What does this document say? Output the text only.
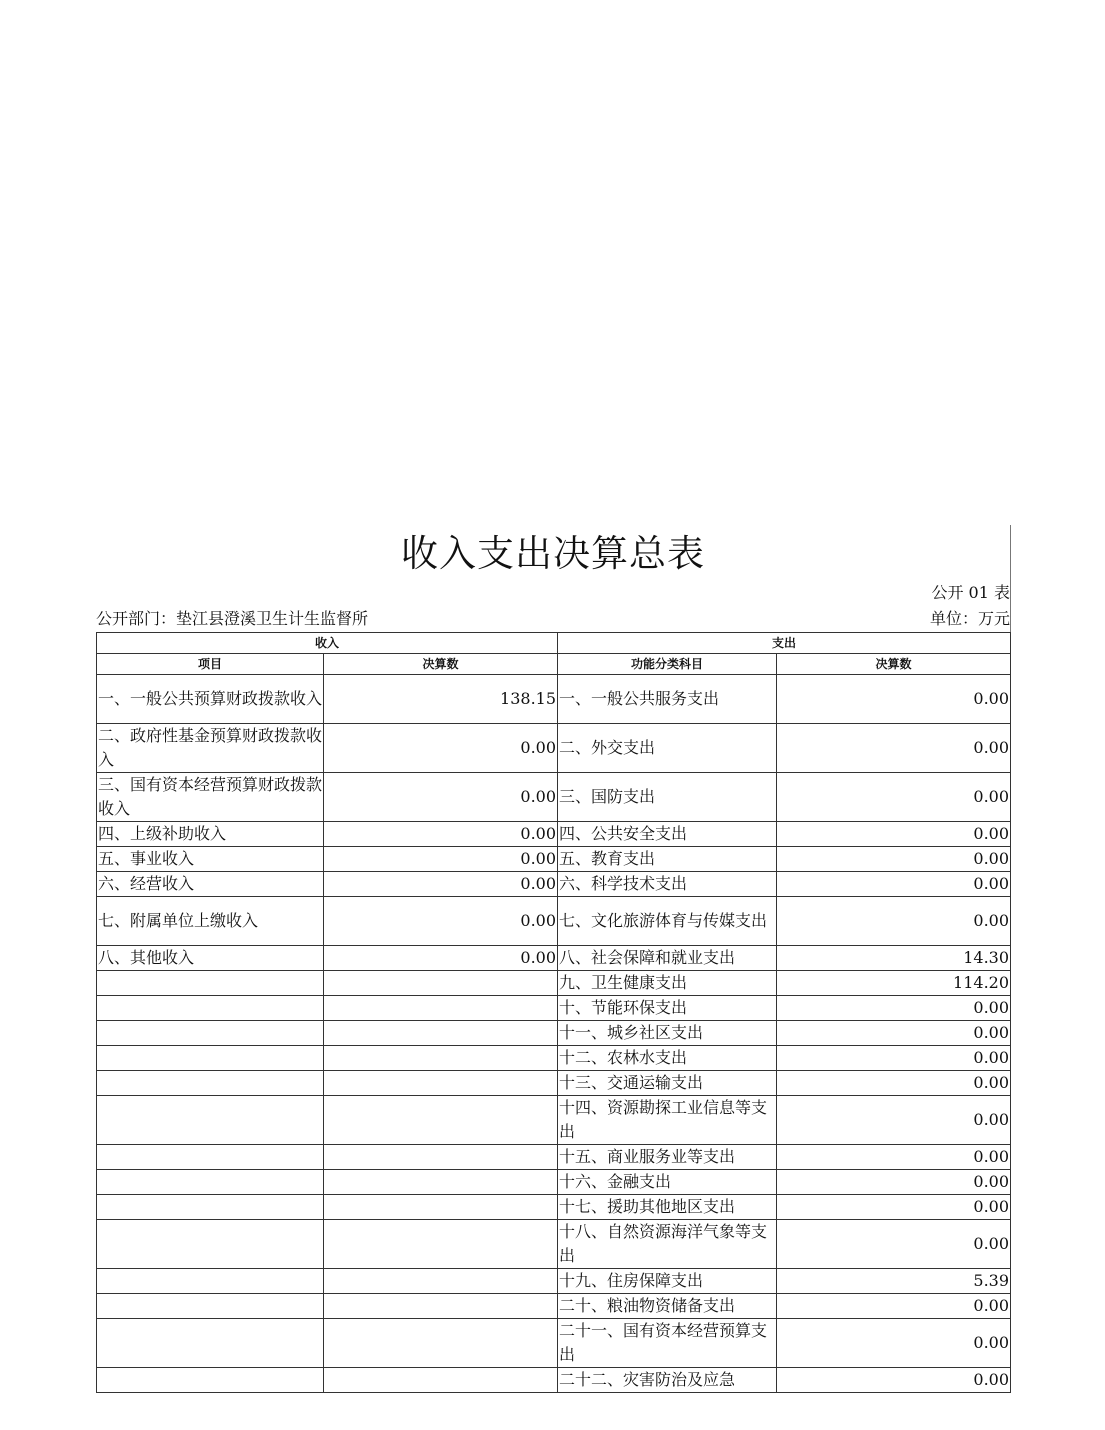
收入支出决算总表
公开 01 表
公开部门：垫江县澄溪卫生计生监督所	单位：万元
收入		支出	
项目	决算数	功能分类科目	决算数
一、一般公共预算财政拨款收入	138.15	一、一般公共服务支出	0.00
二、政府性基金预算财政拨款收入	0.00	二、外交支出	0.00
三、国有资本经营预算财政拨款收入	0.00	三、国防支出	0.00
四、上级补助收入	0.00	四、公共安全支出	0.00
五、事业收入	0.00	五、教育支出	0.00
六、经营收入	0.00	六、科学技术支出	0.00
七、附属单位上缴收入	0.00	七、文化旅游体育与传媒支出	0.00
八、其他收入	0.00	八、社会保障和就业支出	14.30
		九、卫生健康支出	114.20
		十、节能环保支出	0.00
		十一、城乡社区支出	0.00
		十二、农林水支出	0.00
		十三、交通运输支出	0.00
		十四、资源勘探工业信息等支出	0.00
		十五、商业服务业等支出	0.00
		十六、金融支出	0.00
		十七、援助其他地区支出	0.00
		十八、自然资源海洋气象等支出	0.00
		十九、住房保障支出	5.39
		二十、粮油物资储备支出	0.00
		二十一、国有资本经营预算支出	0.00
		二十二、灾害防治及应急	0.00
